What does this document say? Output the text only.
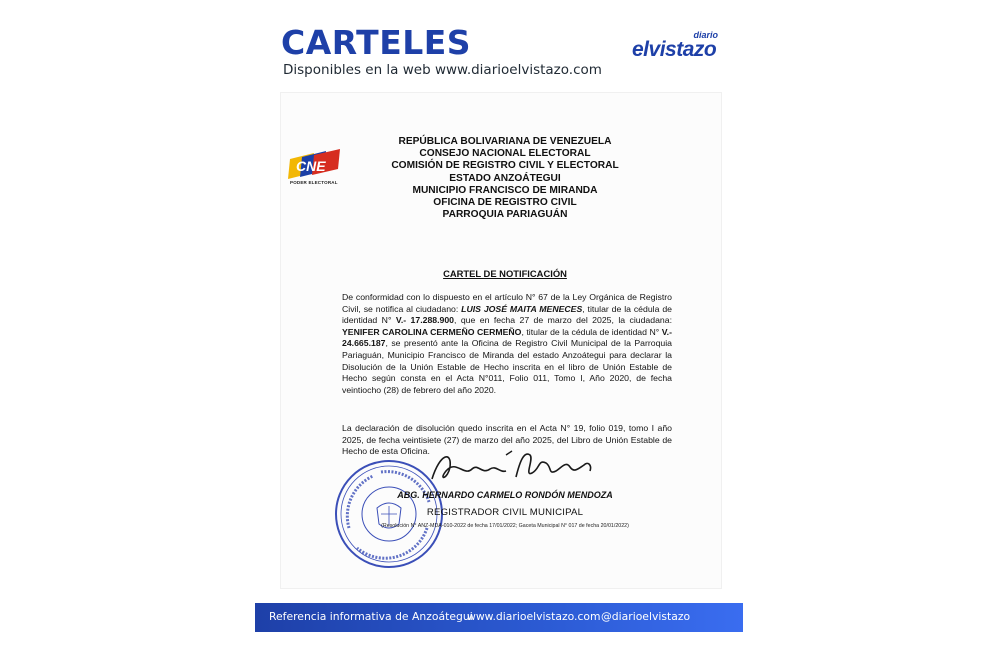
CARTELES
Disponibles en la web www.diarioelvistazo.com
diario
elvistazo
CNE
PODER ELECTORAL
REPÚBLICA BOLIVARIANA DE VENEZUELA
CONSEJO NACIONAL ELECTORAL
COMISIÓN DE REGISTRO CIVIL Y ELECTORAL
ESTADO ANZOÁTEGUI
MUNICIPIO FRANCISCO DE MIRANDA
OFICINA DE REGISTRO CIVIL
PARROQUIA PARIAGUÁN
CARTEL DE NOTIFICACIÓN
De conformidad con lo dispuesto en el artículo N° 67 de la Ley Orgánica de Registro Civil, se notifica al ciudadano: LUIS JOSÉ MAITA MENECES, titular de la cédula de identidad N° V.- 17.288.900, que en fecha 27 de marzo del 2025, la ciudadana: YENIFER CAROLINA CERMEÑO CERMEÑO, titular de la cédula de identidad N° V.- 24.665.187, se presentó ante la Oficina de Registro Civil Municipal de la Parroquia Pariaguán, Municipio Francisco de Miranda del estado Anzoátegui para declarar la Disolución de la Unión Estable de Hecho inscrita en el libro de Unión Estable de Hecho según consta en el Acta N°011, Folio 011, Tomo I, Año 2020, de fecha veintiocho (28) de febrero del año 2020.
La declaración de disolución quedo inscrita en el Acta N° 19, folio 019, tomo I año 2025, de fecha veintisiete (27) de marzo del año 2025, del Libro de Unión Estable de Hecho de esta Oficina.
ABG. HERNARDO CARMELO RONDÓN MENDOZA
REGISTRADOR CIVIL MUNICIPAL
(Resolución N° ANZ-MDA-010-2022 de fecha 17/01/2022; Gaceta Municipal N° 017 de fecha 20/01/2022)
Referencia informativa de Anzoátegui
www.diarioelvistazo.com @diarioelvistazo
